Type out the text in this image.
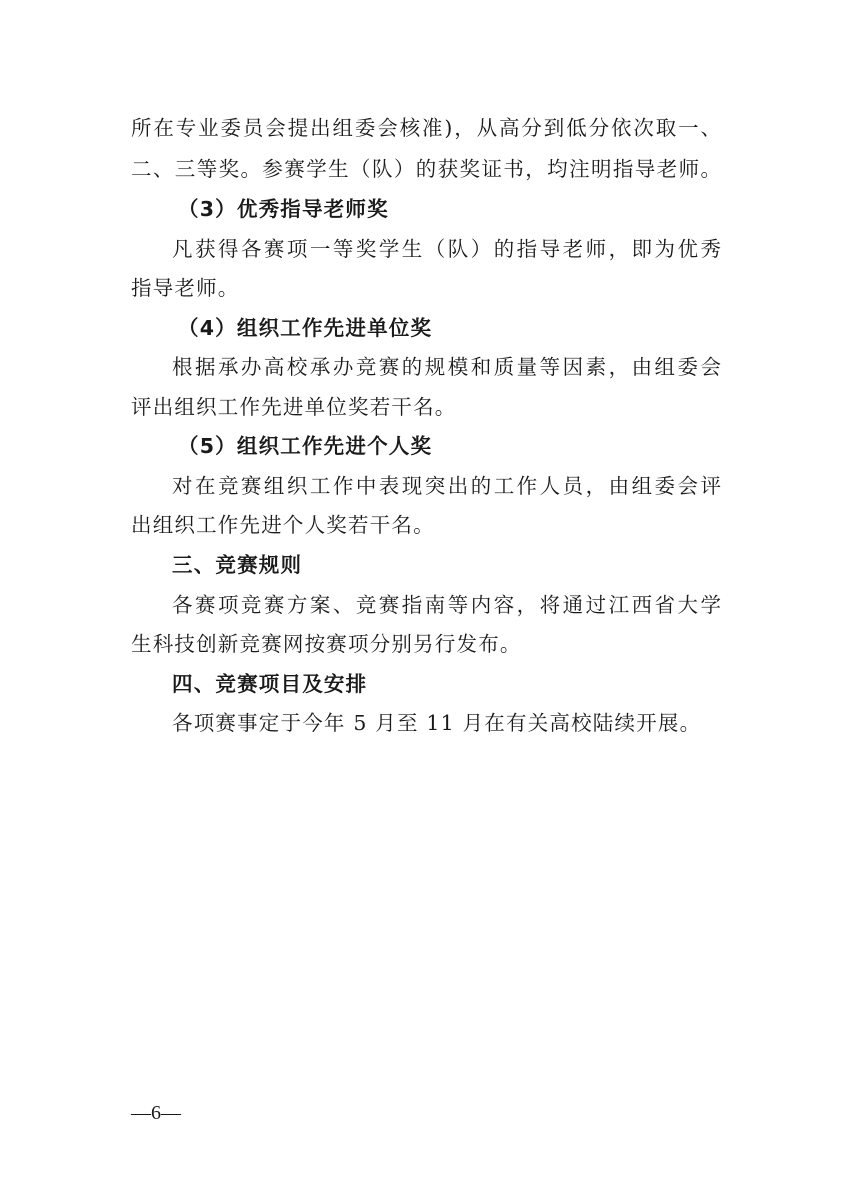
所在专业委员会提出组委会核准)，从高分到低分依次取一、
二、三等奖。参赛学生（队）的获奖证书，均注明指导老师。
（3）优秀指导老师奖
凡获得各赛项一等奖学生（队）的指导老师，即为优秀
指导老师。
（4）组织工作先进单位奖
根据承办高校承办竞赛的规模和质量等因素，由组委会
评出组织工作先进单位奖若干名。
（5）组织工作先进个人奖
对在竞赛组织工作中表现突出的工作人员，由组委会评
出组织工作先进个人奖若干名。
三、竞赛规则
各赛项竞赛方案、竞赛指南等内容，将通过江西省大学
生科技创新竞赛网按赛项分别另行发布。
四、竞赛项目及安排
各项赛事定于今年 5 月至 11 月在有关高校陆续开展。
—6—
